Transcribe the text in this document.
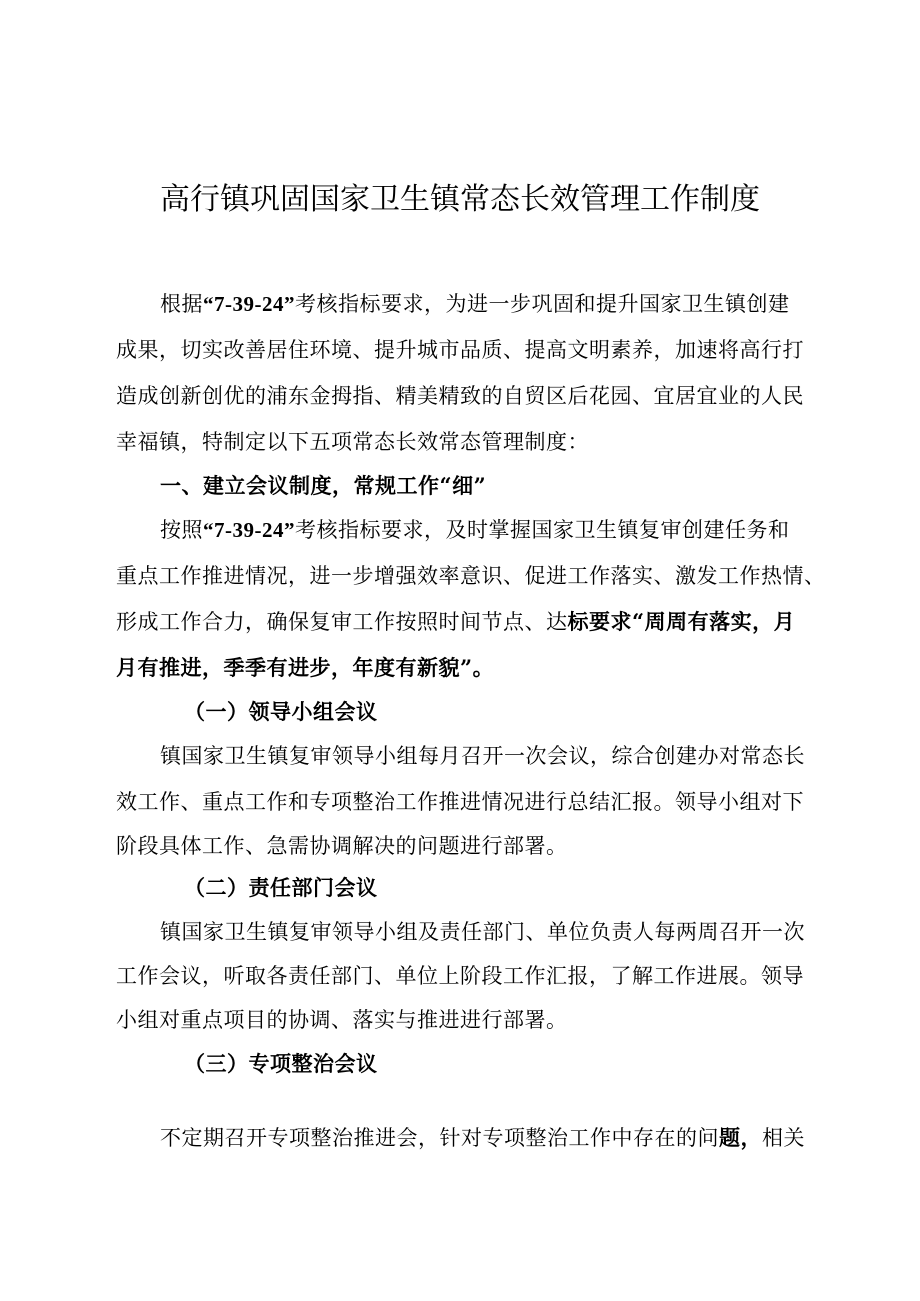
高行镇巩固国家卫生镇常态长效管理工作制度

根据“7-39-24”考核指标要求，为进一步巩固和提升国家卫生镇创建

成果，切实改善居住环境、提升城市品质、提高文明素养，加速将高行打

造成创新创优的浦东金拇指、精美精致的自贸区后花园、宜居宜业的人民

幸福镇，特制定以下五项常态长效常态管理制度：

一、建立会议制度，常规工作“细”

按照“7-39-24”考核指标要求，及时掌握国家卫生镇复审创建任务和

重点工作推进情况，进一步增强效率意识、促进工作落实、激发工作热情、

形成工作合力，确保复审工作按照时间节点、达标要求“周周有落实，月

月有推进，季季有进步，年度有新貌”。

（一）领导小组会议

镇国家卫生镇复审领导小组每月召开一次会议，综合创建办对常态长

效工作、重点工作和专项整治工作推进情况进行总结汇报。领导小组对下

阶段具体工作、急需协调解决的问题进行部署。

（二）责任部门会议

镇国家卫生镇复审领导小组及责任部门、单位负责人每两周召开一次

工作会议，听取各责任部门、单位上阶段工作汇报，了解工作进展。领导

小组对重点项目的协调、落实与推进进行部署。

（三）专项整治会议

不定期召开专项整治推进会，针对专项整治工作中存在的问题，相关
